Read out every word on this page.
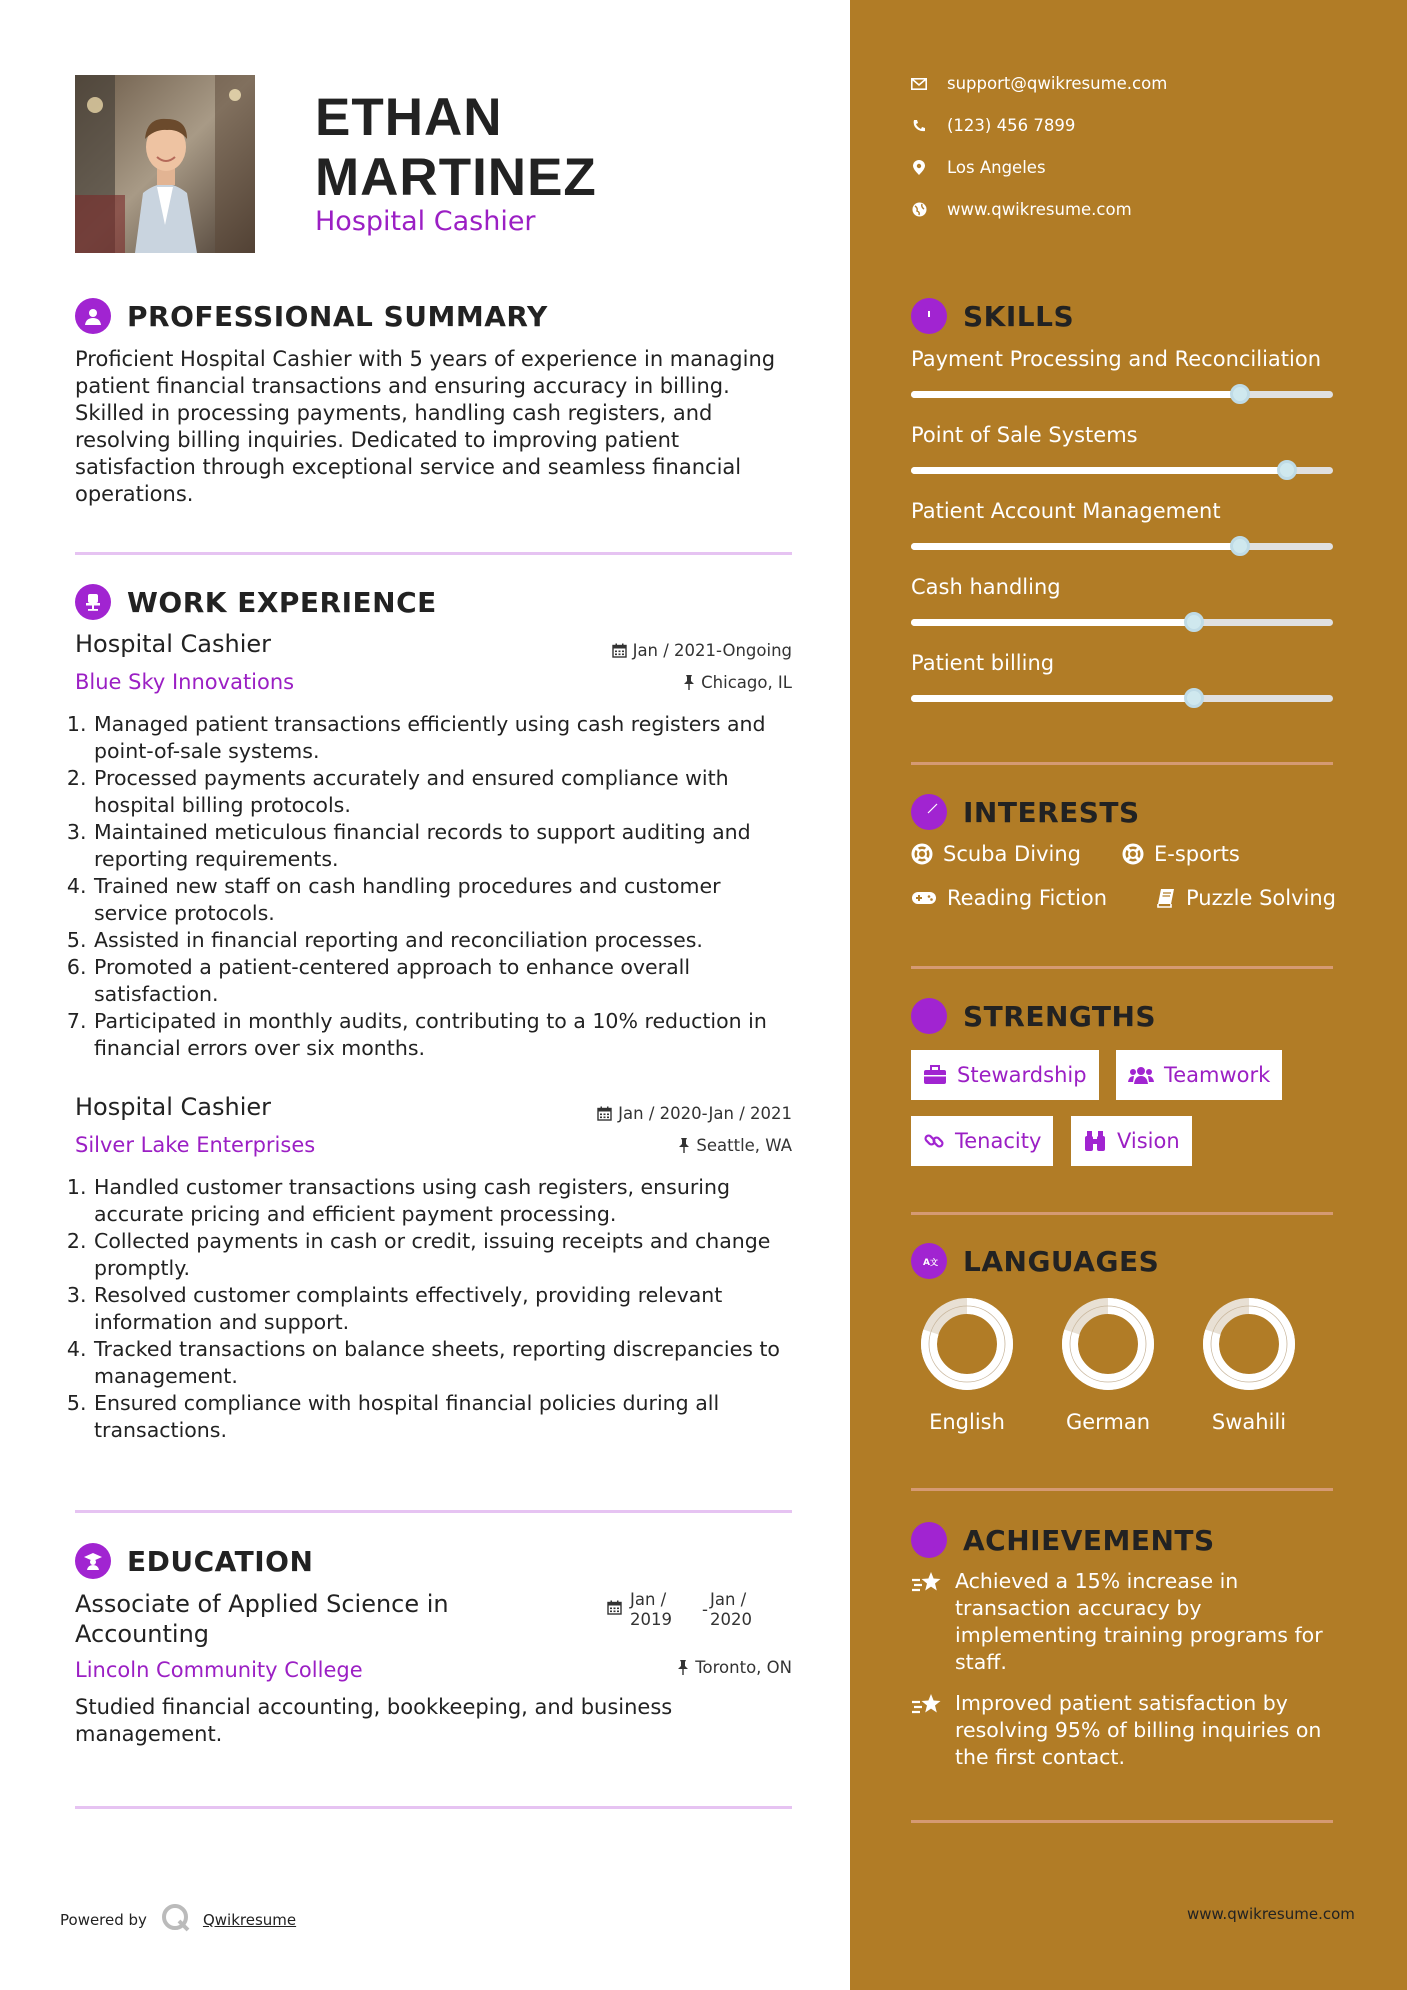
ETHAN
MARTINEZ
Hospital Cashier
support@qwikresume.com
(123) 456 7899
Los Angeles
www.qwikresume.com
PROFESSIONAL SUMMARY
Proficient Hospital Cashier with 5 years of experience in managing patient financial transactions and ensuring accuracy in billing. Skilled in processing payments, handling cash registers, and resolving billing inquiries. Dedicated to improving patient satisfaction through exceptional service and seamless financial operations.
WORK EXPERIENCE
Hospital Cashier
Blue Sky Innovations
Jan / 2021-Ongoing
Chicago, IL
1. Managed patient transactions efficiently using cash registers and point-of-sale systems.
2. Processed payments accurately and ensured compliance with hospital billing protocols.
3. Maintained meticulous financial records to support auditing and reporting requirements.
4. Trained new staff on cash handling procedures and customer service protocols.
5. Assisted in financial reporting and reconciliation processes.
6. Promoted a patient-centered approach to enhance overall satisfaction.
7. Participated in monthly audits, contributing to a 10% reduction in financial errors over six months.
Hospital Cashier
Silver Lake Enterprises
Jan / 2020-Jan / 2021
Seattle, WA
1. Handled customer transactions using cash registers, ensuring accurate pricing and efficient payment processing.
2. Collected payments in cash or credit, issuing receipts and change promptly.
3. Resolved customer complaints effectively, providing relevant information and support.
4. Tracked transactions on balance sheets, reporting discrepancies to management.
5. Ensured compliance with hospital financial policies during all transactions.
EDUCATION
Associate of Applied Science in Accounting
Jan / 2019
-
Jan / 2020
Lincoln Community College	Toronto, ON
Studied financial accounting, bookkeeping, and business management.
SKILLS
Payment Processing and Reconciliation
Point of Sale Systems
Patient Account Management
Cash handling
Patient billing
INTERESTS
Scuba Diving	E-sports
Reading Fiction	Puzzle Solving
STRENGTHS
Stewardship	Teamwork
Tenacity	Vision
A 文 LANGUAGES
English	German	Swahili
ACHIEVEMENTS
Achieved a 15% increase in transaction accuracy by implementing training programs for staff.
Improved patient satisfaction by resolving 95% of billing inquiries on the first contact.
Powered by	Qwikresume	www.qwikresume.com
